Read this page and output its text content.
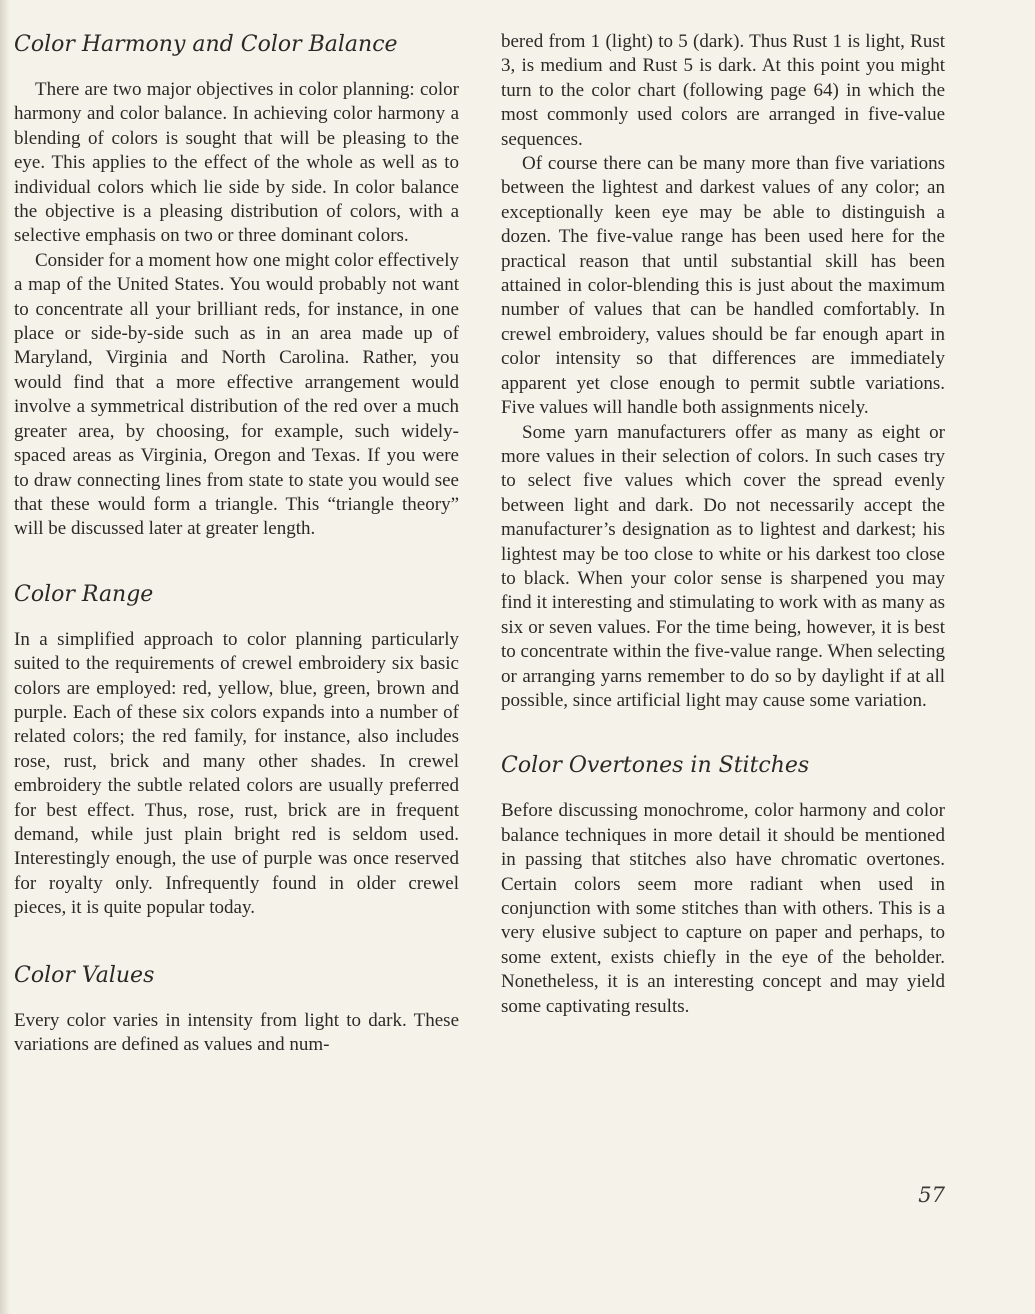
Color Harmony and Color Balance

There are two major objectives in color planning: color harmony and color balance. In achieving color harmony a blending of colors is sought that will be pleasing to the eye. This applies to the effect of the whole as well as to individual colors which lie side by side. In color balance the objective is a pleasing distribution of colors, with a selective emphasis on two or three dominant colors.

Consider for a moment how one might color effectively a map of the United States. You would probably not want to concentrate all your brilliant reds, for instance, in one place or side-by-side such as in an area made up of Maryland, Virginia and North Carolina. Rather, you would find that a more effective arrangement would involve a symmetrical distribution of the red over a much greater area, by choosing, for example, such widely-spaced areas as Virginia, Oregon and Texas. If you were to draw connecting lines from state to state you would see that these would form a triangle. This “triangle theory” will be discussed later at greater length.

Color Range

In a simplified approach to color planning particularly suited to the requirements of crewel embroidery six basic colors are employed: red, yellow, blue, green, brown and purple. Each of these six colors expands into a number of related colors; the red family, for instance, also includes rose, rust, brick and many other shades. In crewel embroidery the subtle related colors are usually preferred for best effect. Thus, rose, rust, brick are in frequent demand, while just plain bright red is seldom used. Interestingly enough, the use of purple was once reserved for royalty only. Infrequently found in older crewel pieces, it is quite popular today.

Color Values

Every color varies in intensity from light to dark. These variations are defined as values and num-

bered from 1 (light) to 5 (dark). Thus Rust 1 is light, Rust 3, is medium and Rust 5 is dark. At this point you might turn to the color chart (following page 64) in which the most commonly used colors are arranged in five-value sequences.

Of course there can be many more than five variations between the lightest and darkest values of any color; an exceptionally keen eye may be able to distinguish a dozen. The five-value range has been used here for the practical reason that until substantial skill has been attained in color-blending this is just about the maximum number of values that can be handled comfortably. In crewel embroidery, values should be far enough apart in color intensity so that differences are immediately apparent yet close enough to permit subtle variations. Five values will handle both assignments nicely.

Some yarn manufacturers offer as many as eight or more values in their selection of colors. In such cases try to select five values which cover the spread evenly between light and dark. Do not necessarily accept the manufacturer’s designation as to lightest and darkest; his lightest may be too close to white or his darkest too close to black. When your color sense is sharpened you may find it interesting and stimulating to work with as many as six or seven values. For the time being, however, it is best to concentrate within the five-value range. When selecting or arranging yarns remember to do so by daylight if at all possible, since artificial light may cause some variation.

Color Overtones in Stitches

Before discussing monochrome, color harmony and color balance techniques in more detail it should be mentioned in passing that stitches also have chromatic overtones. Certain colors seem more radiant when used in conjunction with some stitches than with others. This is a very elusive subject to capture on paper and perhaps, to some extent, exists chiefly in the eye of the beholder. Nonetheless, it is an interesting concept and may yield some captivating results.

57
